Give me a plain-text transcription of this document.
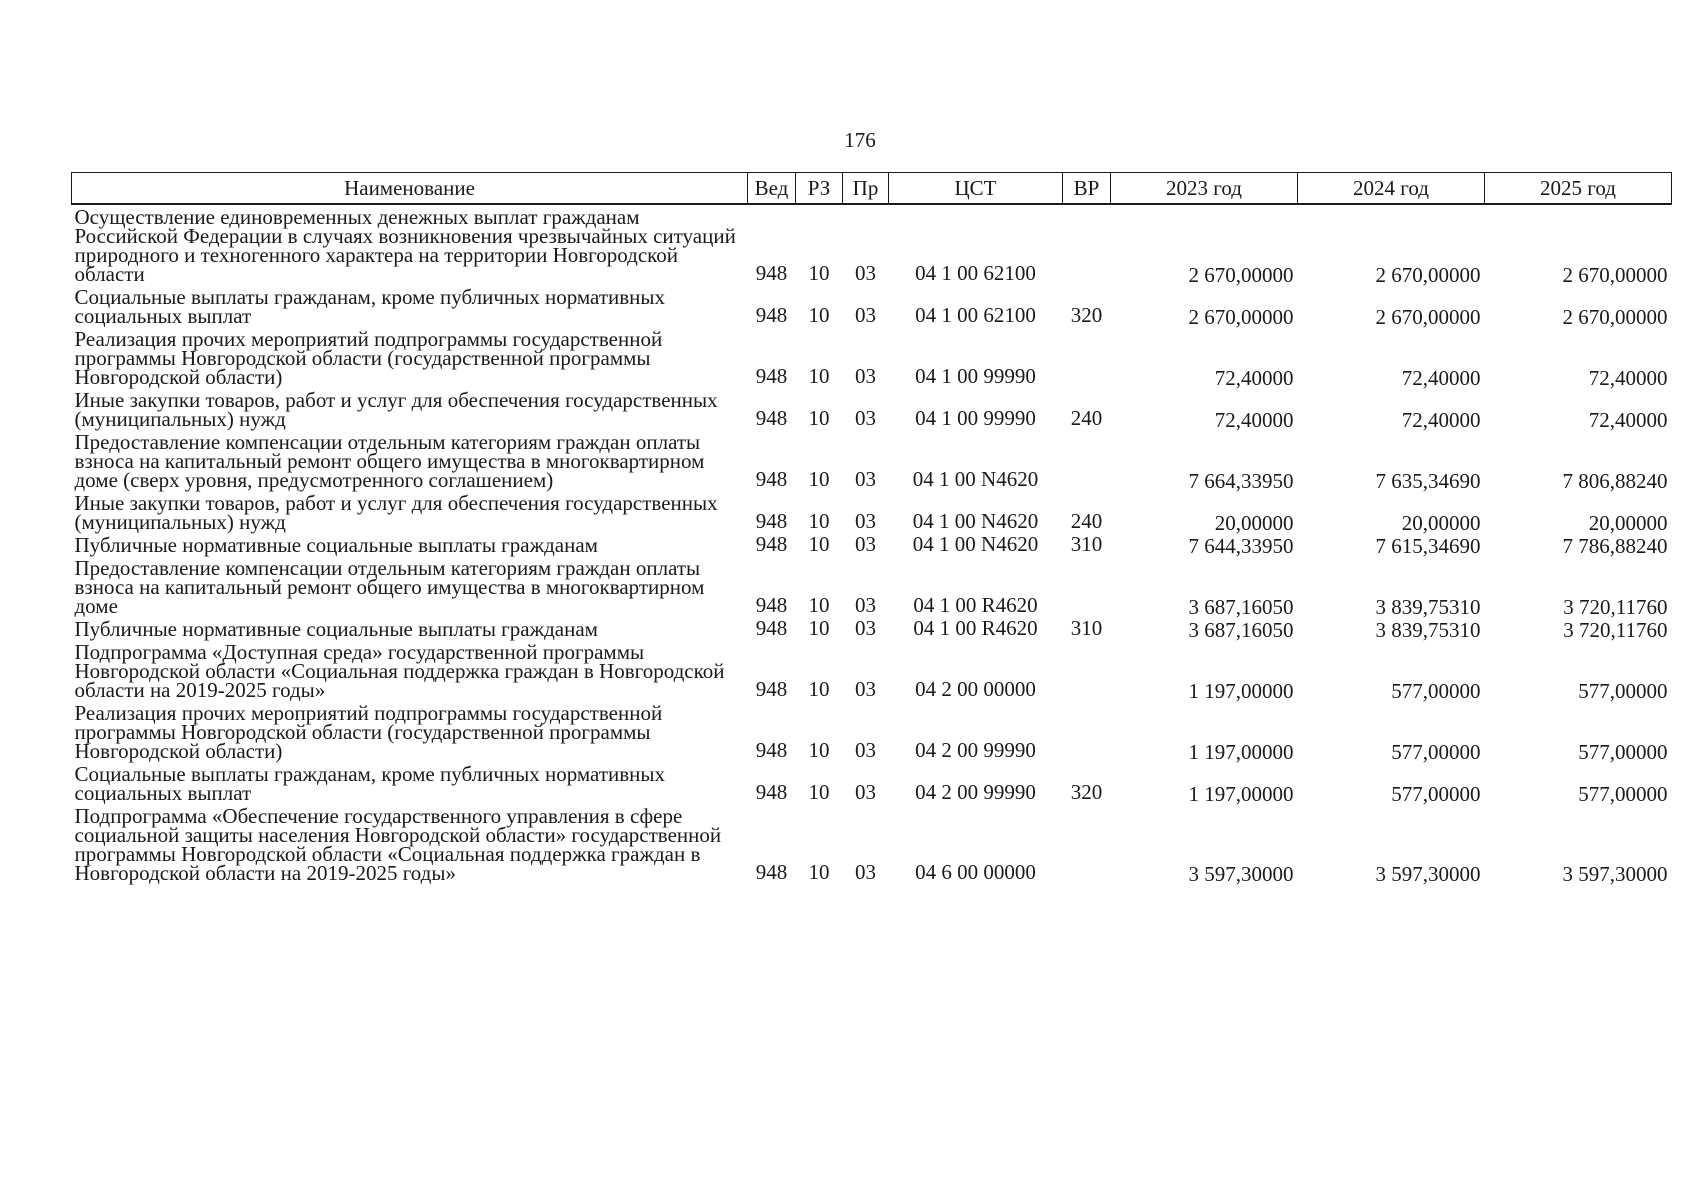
176
Наименование	Вед	РЗ	Пр	ЦСТ	ВР	2023 год	2024 год	2025 год
Осуществление единовременных денежных выплат гражданам Российской Федерации в случаях возникновения чрезвычайных ситуаций природного и техногенного характера на территории Новгородской области	948	10	03	04 1 00 62100		2 670,00000	2 670,00000	2 670,00000
Социальные выплаты гражданам, кроме публичных нормативных социальных выплат	948	10	03	04 1 00 62100	320	2 670,00000	2 670,00000	2 670,00000
Реализация прочих мероприятий подпрограммы государственной программы Новгородской области (государственной программы Новгородской области)	948	10	03	04 1 00 99990		72,40000	72,40000	72,40000
Иные закупки товаров, работ и услуг для обеспечения государственных (муниципальных) нужд	948	10	03	04 1 00 99990	240	72,40000	72,40000	72,40000
Предоставление компенсации отдельным категориям граждан оплаты взноса на капитальный ремонт общего имущества в многоквартирном доме (сверх уровня, предусмотренного соглашением)	948	10	03	04 1 00 N4620		7 664,33950	7 635,34690	7 806,88240
Иные закупки товаров, работ и услуг для обеспечения государственных (муниципальных) нужд	948	10	03	04 1 00 N4620	240	20,00000	20,00000	20,00000
Публичные нормативные социальные выплаты гражданам	948	10	03	04 1 00 N4620	310	7 644,33950	7 615,34690	7 786,88240
Предоставление компенсации отдельным категориям граждан оплаты взноса на капитальный ремонт общего имущества в многоквартирном доме	948	10	03	04 1 00 R4620		3 687,16050	3 839,75310	3 720,11760
Публичные нормативные социальные выплаты гражданам	948	10	03	04 1 00 R4620	310	3 687,16050	3 839,75310	3 720,11760
Подпрограмма «Доступная среда» государственной программы Новгородской области «Социальная поддержка граждан в Новгородской области на 2019-2025 годы»	948	10	03	04 2 00 00000		1 197,00000	577,00000	577,00000
Реализация прочих мероприятий подпрограммы государственной программы Новгородской области (государственной программы Новгородской области)	948	10	03	04 2 00 99990		1 197,00000	577,00000	577,00000
Социальные выплаты гражданам, кроме публичных нормативных социальных выплат	948	10	03	04 2 00 99990	320	1 197,00000	577,00000	577,00000
Подпрограмма «Обеспечение государственного управления в сфере социальной защиты населения Новгородской области» государственной программы Новгородской области «Социальная поддержка граждан в Новгородской области на 2019-2025 годы»	948	10	03	04 6 00 00000		3 597,30000	3 597,30000	3 597,30000
